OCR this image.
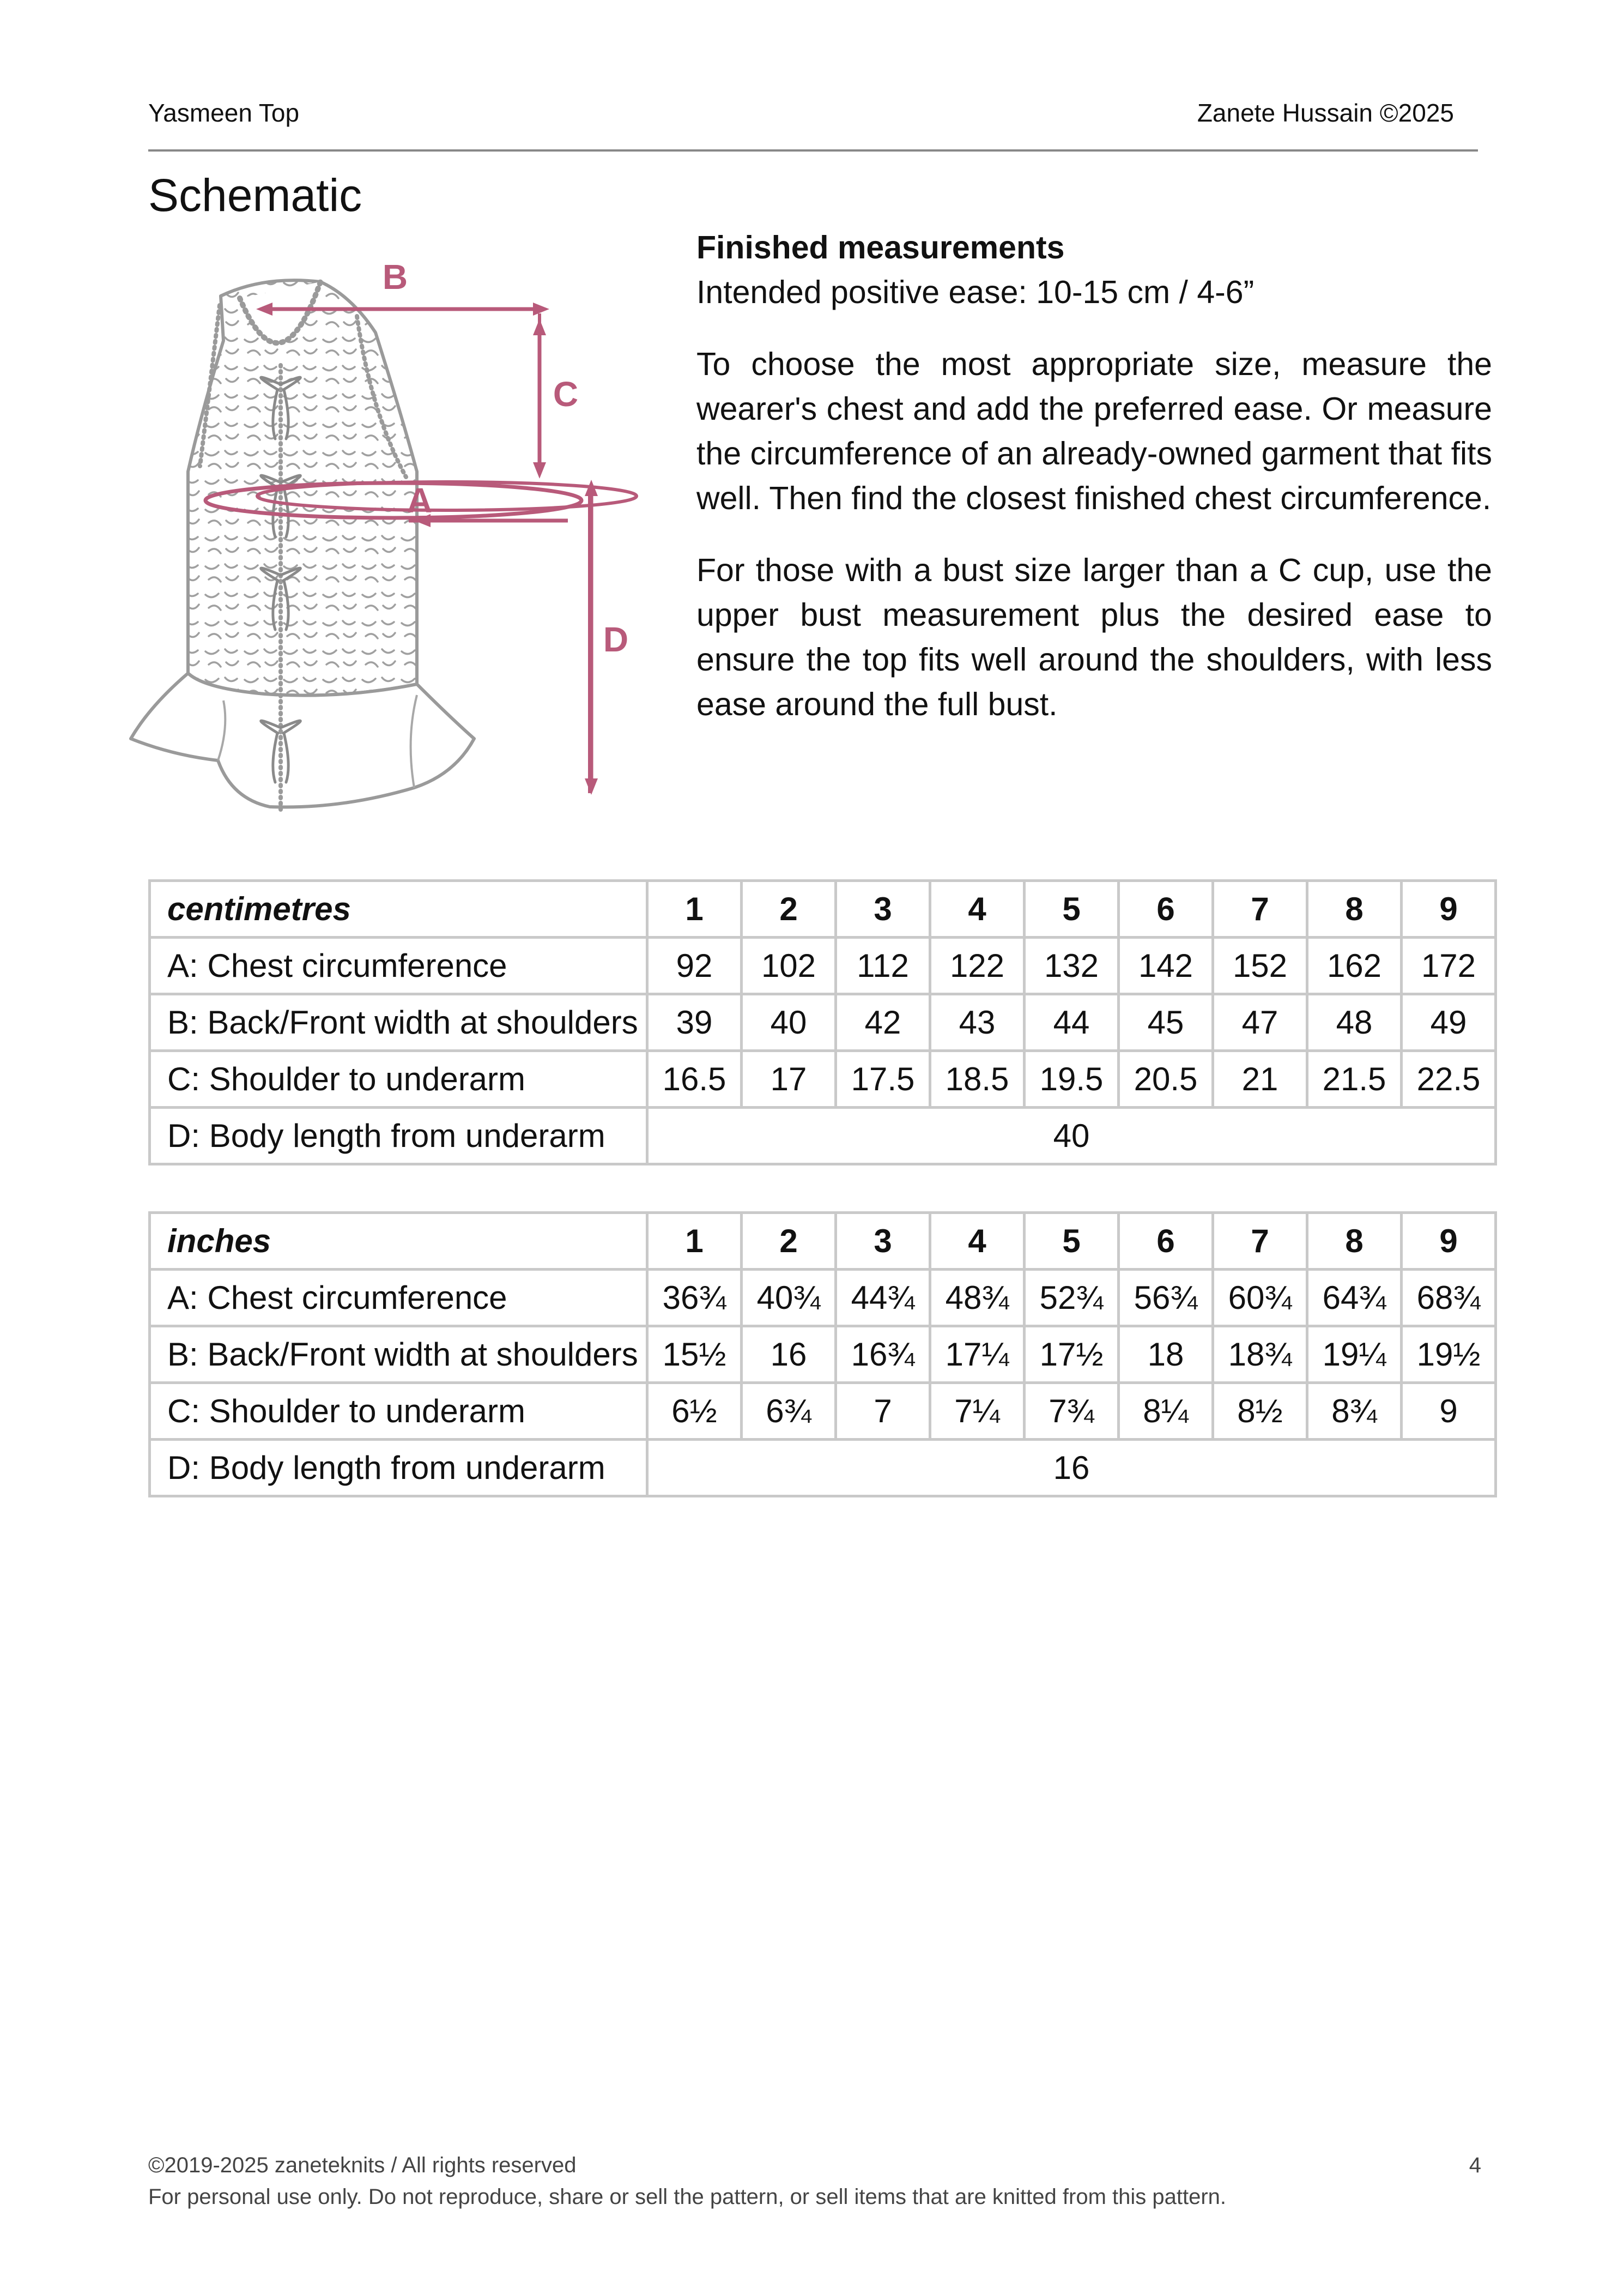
Yasmeen Top	Zanete Hussain ©2025
Schematic
A
B
C
D
Finished measurements
Intended positive ease: 10-15 cm / 4-6”

To choose the most appropriate size, measure the wearer's chest and add the preferred ease. Or measure the circumference of an already-owned garment that fits well. Then find the closest finished chest circumference.

For those with a bust size larger than a C cup, use the upper bust measurement plus the desired ease to ensure the top fits well around the shoulders, with less ease around the full bust.

centimetres	1	2	3	4	5	6	7	8	9
A: Chest circumference	92	102	112	122	132	142	152	162	172
B: Back/Front width at shoulders	39	40	42	43	44	45	47	48	49
C: Shoulder to underarm	16.5	17	17.5	18.5	19.5	20.5	21	21.5	22.5
D: Body length from underarm	40								
inches	1	2	3	4	5	6	7	8	9
A: Chest circumference	36¾	40¾	44¾	48¾	52¾	56¾	60¾	64¾	68¾
B: Back/Front width at shoulders	15½	16	16¾	17¼	17½	18	18¾	19¼	19½
C: Shoulder to underarm	6½	6¾	7	7¼	7¾	8¼	8½	8¾	9
D: Body length from underarm	16								
©2019-2025 zaneteknits / All rights reserved
For personal use only. Do not reproduce, share or sell the pattern, or sell items that are knitted from this pattern.
4
